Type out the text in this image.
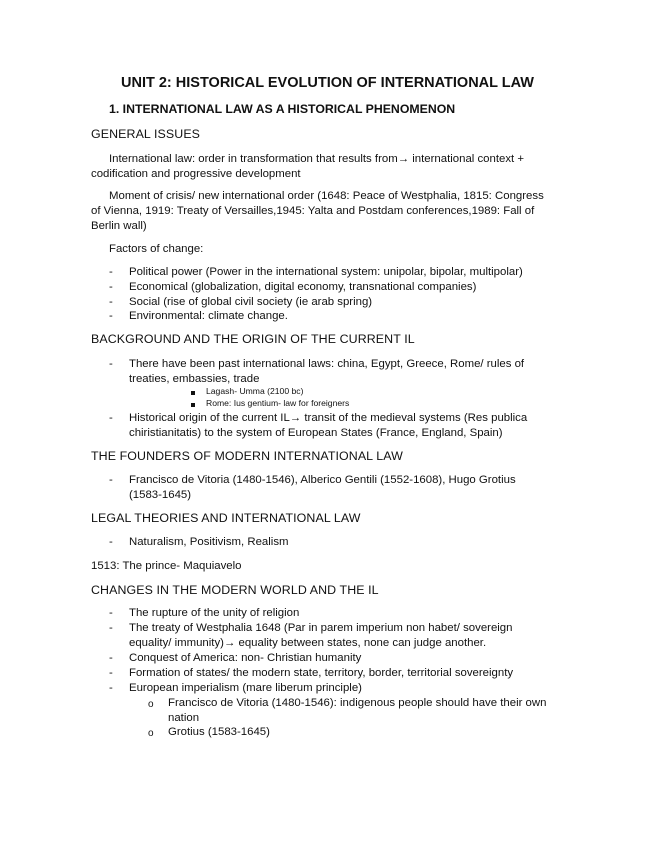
UNIT 2: HISTORICAL EVOLUTION OF INTERNATIONAL LAW
1. INTERNATIONAL LAW AS A HISTORICAL PHENOMENON
GENERAL ISSUES
International law: order in transformation that results from→ international context +
codification and progressive development
Moment of crisis/ new international order (1648: Peace of Westphalia, 1815: Congress
of Vienna, 1919: Treaty of Versailles,1945: Yalta and Postdam conferences,1989: Fall of
Berlin wall)
Factors of change:
- Political power (Power in the international system: unipolar, bipolar, multipolar)
- Economical (globalization, digital economy, transnational companies)
- Social (rise of global civil society (ie arab spring)
- Environmental: climate change.
BACKGROUND AND THE ORIGIN OF THE CURRENT IL
- There have been past international laws: china, Egypt, Greece, Rome/ rules of
treaties, embassies, trade
Lagash- Umma (2100 bc)
Rome: Ius gentium- law for foreigners
- Historical origin of the current IL→ transit of the medieval systems (Res publica
chiristianitatis) to the system of European States (France, England, Spain)
THE FOUNDERS OF MODERN INTERNATIONAL LAW
- Francisco de Vitoria (1480-1546), Alberico Gentili (1552-1608), Hugo Grotius
(1583-1645)
LEGAL THEORIES AND INTERNATIONAL LAW
- Naturalism, Positivism, Realism
1513: The prince- Maquiavelo
CHANGES IN THE MODERN WORLD AND THE IL
- The rupture of the unity of religion
- The treaty of Westphalia 1648 (Par in parem imperium non habet/ sovereign
equality/ immunity)→ equality between states, none can judge another.
- Conquest of America: non- Christian humanity
- Formation of states/ the modern state, territory, border, territorial sovereignty
- European imperialism (mare liberum principle)
o Francisco de Vitoria (1480-1546): indigenous people should have their own
nation
o Grotius (1583-1645)
